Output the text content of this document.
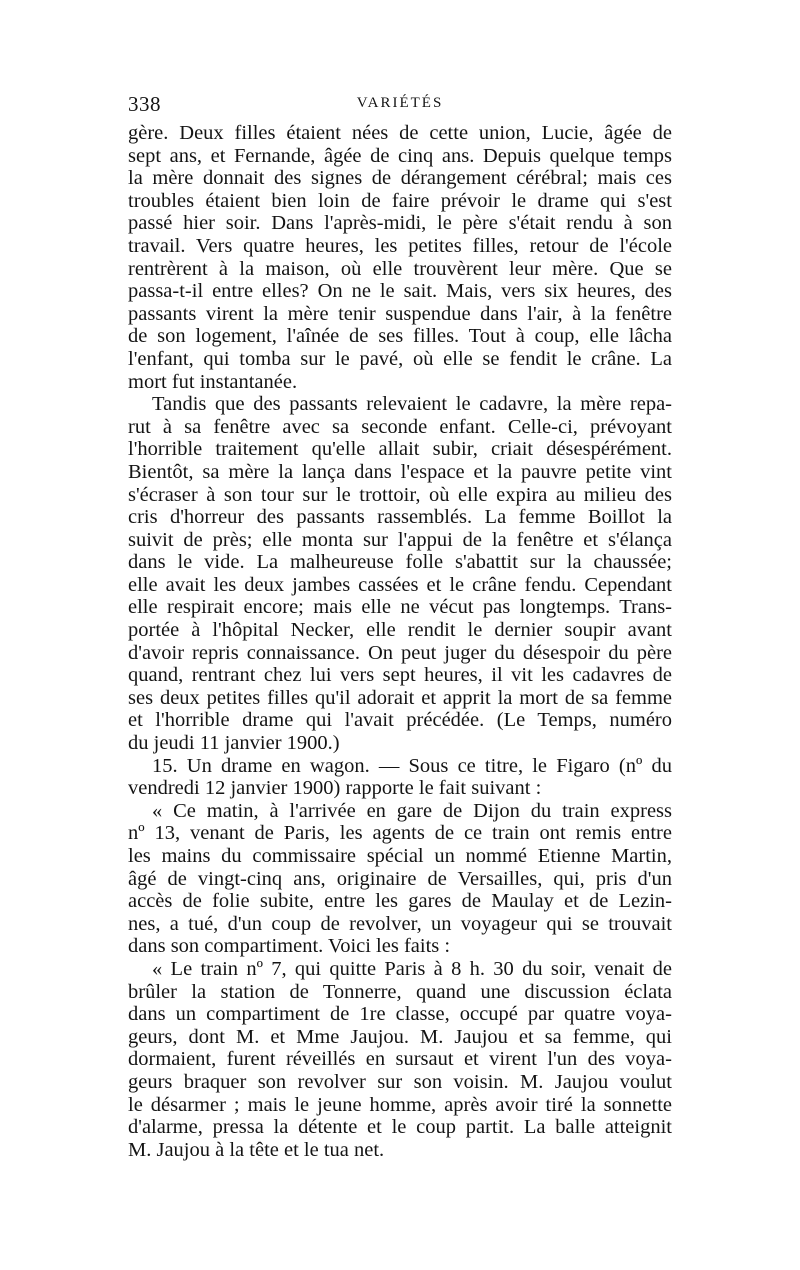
338	VARIÉTÉS
gère. Deux filles étaient nées de cette union, Lucie, âgée de
sept ans, et Fernande, âgée de cinq ans. Depuis quelque temps
la mère donnait des signes de dérangement cérébral; mais ces
troubles étaient bien loin de faire prévoir le drame qui s'est
passé hier soir. Dans l'après-midi, le père s'était rendu à son
travail. Vers quatre heures, les petites filles, retour de l'école
rentrèrent à la maison, où elle trouvèrent leur mère. Que se
passa-t-il entre elles? On ne le sait. Mais, vers six heures, des
passants virent la mère tenir suspendue dans l'air, à la fenêtre
de son logement, l'aînée de ses filles. Tout à coup, elle lâcha
l'enfant, qui tomba sur le pavé, où elle se fendit le crâne. La
mort fut instantanée.
Tandis que des passants relevaient le cadavre, la mère repa-
rut à sa fenêtre avec sa seconde enfant. Celle-ci, prévoyant
l'horrible traitement qu'elle allait subir, criait désespérément.
Bientôt, sa mère la lança dans l'espace et la pauvre petite vint
s'écraser à son tour sur le trottoir, où elle expira au milieu des
cris d'horreur des passants rassemblés. La femme Boillot la
suivit de près; elle monta sur l'appui de la fenêtre et s'élança
dans le vide. La malheureuse folle s'abattit sur la chaussée;
elle avait les deux jambes cassées et le crâne fendu. Cependant
elle respirait encore; mais elle ne vécut pas longtemps. Trans-
portée à l'hôpital Necker, elle rendit le dernier soupir avant
d'avoir repris connaissance. On peut juger du désespoir du père
quand, rentrant chez lui vers sept heures, il vit les cadavres de
ses deux petites filles qu'il adorait et apprit la mort de sa femme
et l'horrible drame qui l'avait précédée. (Le Temps, numéro
du jeudi 11 janvier 1900.)
15. Un drame en wagon. — Sous ce titre, le Figaro (nº du
vendredi 12 janvier 1900) rapporte le fait suivant :
« Ce matin, à l'arrivée en gare de Dijon du train express
nº 13, venant de Paris, les agents de ce train ont remis entre
les mains du commissaire spécial un nommé Etienne Martin,
âgé de vingt-cinq ans, originaire de Versailles, qui, pris d'un
accès de folie subite, entre les gares de Maulay et de Lezin-
nes, a tué, d'un coup de revolver, un voyageur qui se trouvait
dans son compartiment. Voici les faits :
« Le train nº 7, qui quitte Paris à 8 h. 30 du soir, venait de
brûler la station de Tonnerre, quand une discussion éclata
dans un compartiment de 1re classe, occupé par quatre voya-
geurs, dont M. et Mme Jaujou. M. Jaujou et sa femme, qui
dormaient, furent réveillés en sursaut et virent l'un des voya-
geurs braquer son revolver sur son voisin. M. Jaujou voulut
le désarmer ; mais le jeune homme, après avoir tiré la sonnette
d'alarme, pressa la détente et le coup partit. La balle atteignit
M. Jaujou à la tête et le tua net.
